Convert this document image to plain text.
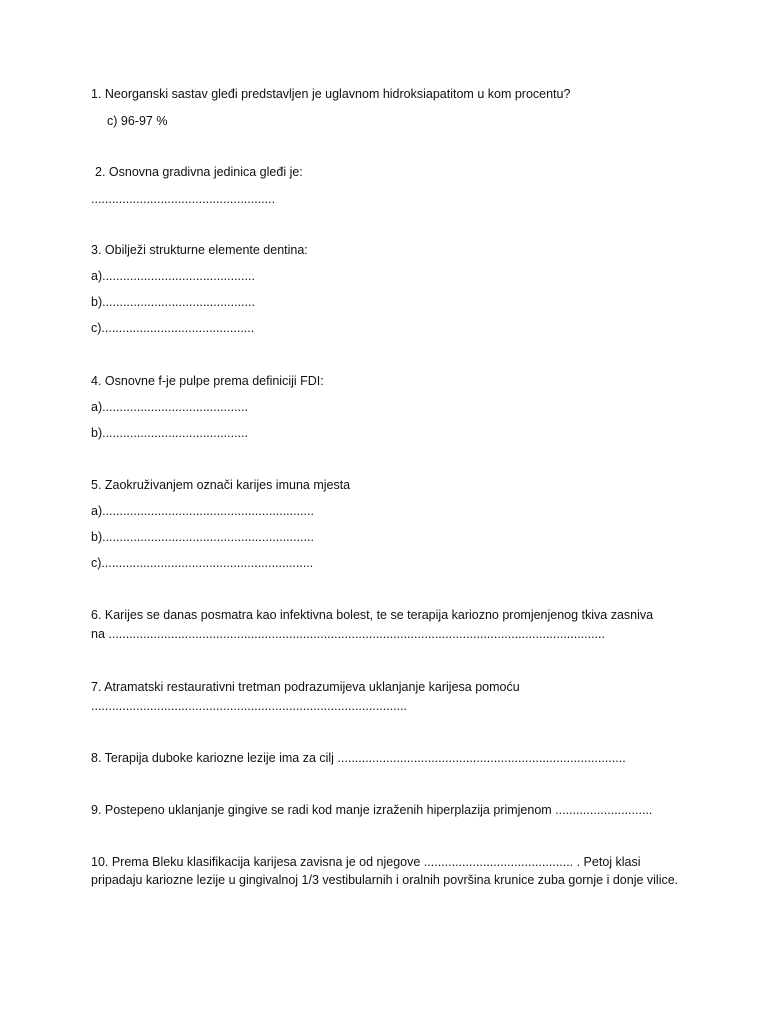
1. Neorganski sastav gleđi predstavljen je uglavnom hidroksiapatitom u kom procentu?
c) 96-97 %
2. Osnovna gradivna jedinica gleđi je:
.....................................................
3. Obilježi strukturne elemente dentina:
a)............................................
b)............................................
c)............................................
4. Osnovne f-je pulpe prema definiciji FDI:
a)..........................................
b)..........................................
5. Zaokruživanjem označi karijes imuna mjesta
a).............................................................
b).............................................................
c).............................................................
6. Karijes se danas posmatra kao infektivna bolest, te se terapija kariozno promjenjenog tkiva zasniva
na ...............................................................................................................................................
7. Atramatski restaurativni tretman podrazumijeva uklanjanje karijesa pomoću
...........................................................................................
8. Terapija duboke kariozne lezije ima za cilj ...................................................................................
9. Postepeno uklanjanje gingive se radi kod manje izraženih hiperplazija primjenom ............................
10. Prema Bleku klasifikacija karijesa zavisna je od njegove ........................................... . Petoj klasi pripadaju kariozne lezije u gingivalnoj 1/3 vestibularnih i oralnih površina krunice zuba gornje i donje vilice.
